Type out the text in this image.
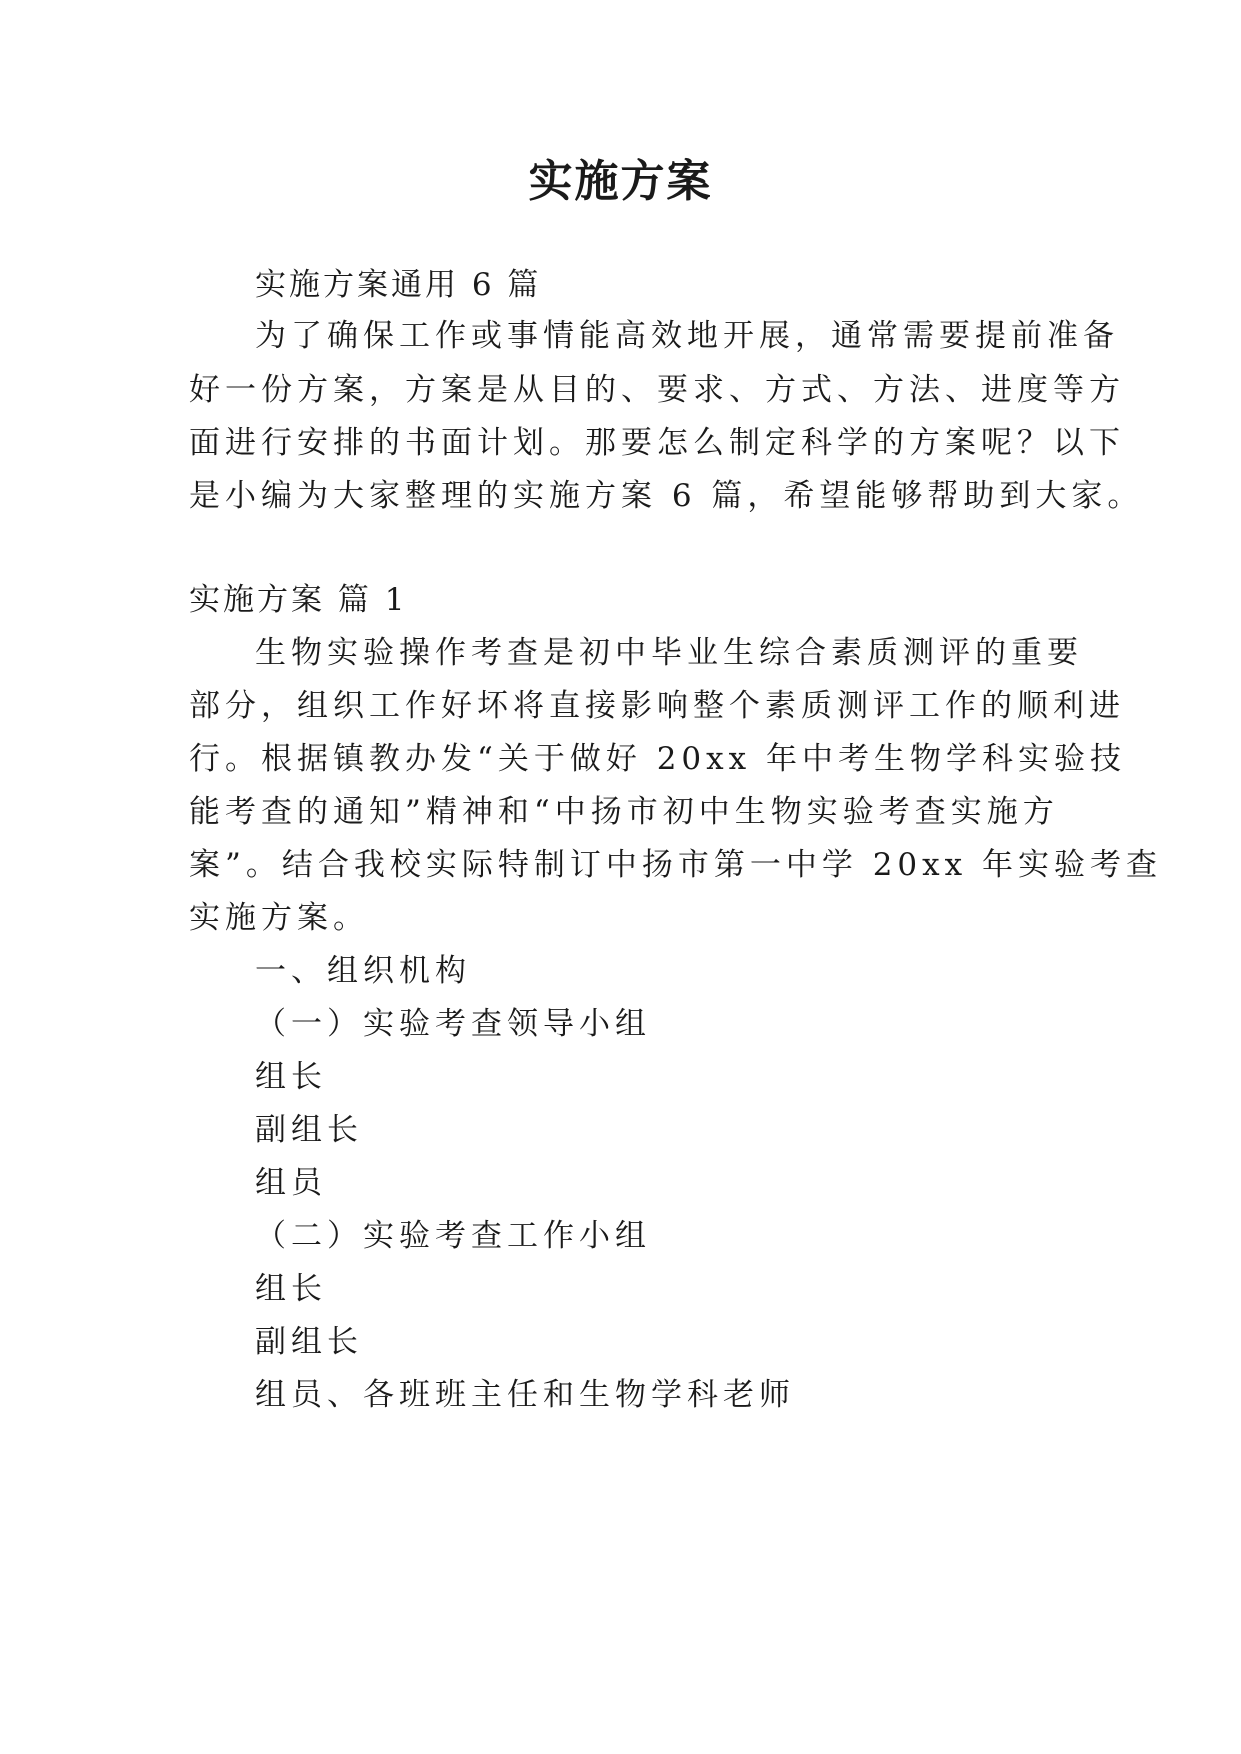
实施方案
实施方案通用 6 篇
为了确保工作或事情能高效地开展，通常需要提前准备
好一份方案，方案是从目的、要求、方式、方法、进度等方
面进行安排的书面计划。那要怎么制定科学的方案呢？以下
是小编为大家整理的实施方案 6 篇，希望能够帮助到大家。
实施方案 篇 1
生物实验操作考查是初中毕业生综合素质测评的重要
部分，组织工作好坏将直接影响整个素质测评工作的顺利进
行。根据镇教办发“关于做好 20xx 年中考生物学科实验技
能考查的通知”精神和“中扬市初中生物实验考查实施方
案”。结合我校实际特制订中扬市第一中学 20xx 年实验考查
实施方案。
一、组织机构
（一）实验考查领导小组
组长
副组长
组员
（二）实验考查工作小组
组长
副组长
组员、各班班主任和生物学科老师
